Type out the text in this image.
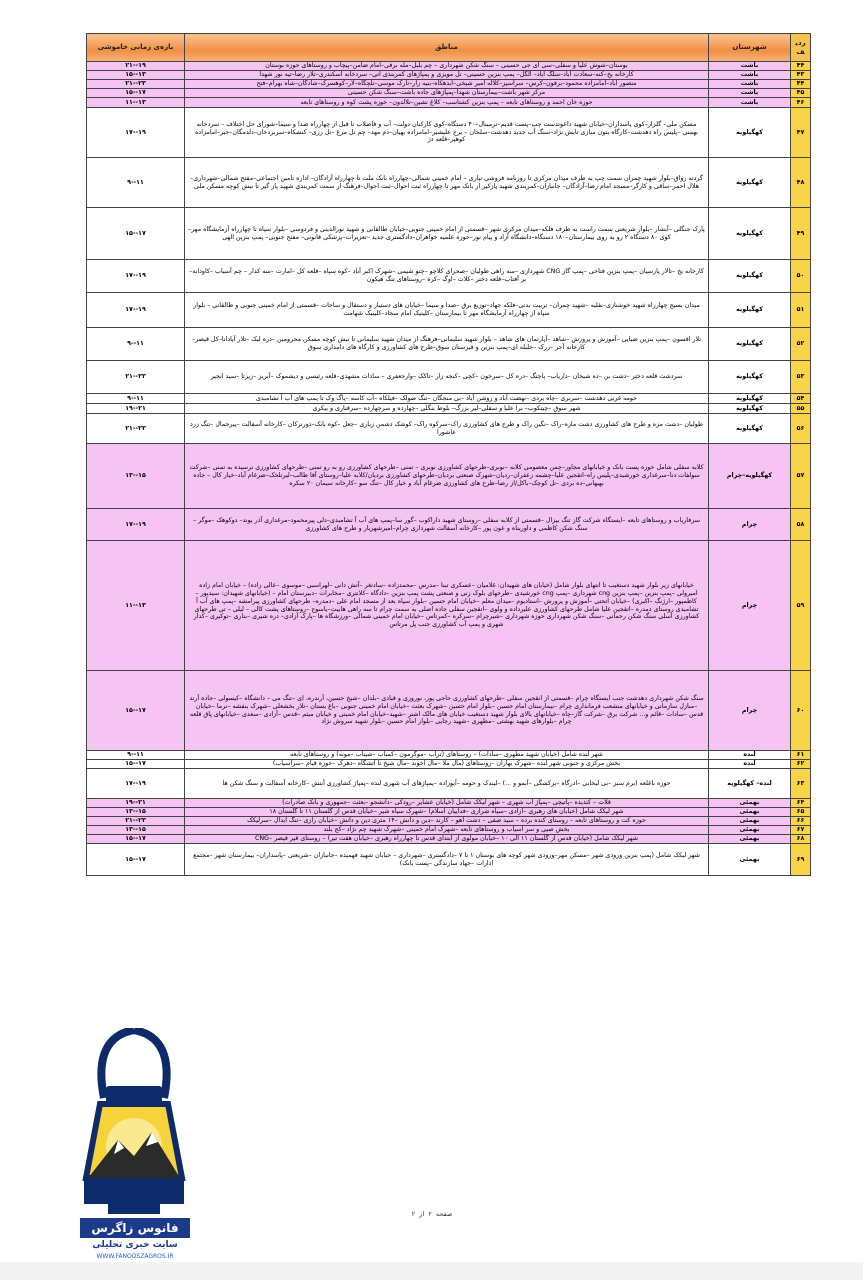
ردیف	شهرستان	مناطق	بازه‌ی زمانی خاموشی
۴۴	باشت	بوستان–شوش علیا و سفلی–سی ای جی حسینی – سنگ شکن شهرداری – چم بلبل–مله برفی–امام ضامن–پیچاب و روستاهای حوزه بوستان	۲۱--۱۹
۴۳	باشت	کارخانه یخ–کنه–سعادت آباد–سلگ آباد– آلگل– پمپ بنزین حسینی– تل مویزی و پمپاژهای کمربندی اتی– سردخانه اسکندری–تلار رضا–تیه نور شهدا	۱۵--۱۳
۴۴	باشت	منصور آباد–امامزاده محمود–برفون–کرس– سرآسپز–کلاله امیر شیخی–آبدهکاه–بنیه زار–تارک موسی–تلچگاه–لار–کوهسرک–شادگان–شاه بهرام–فتح	۲۱--۲۳
۴۵	باشت	مرکز شهر باشت–بیمارستان شهدا–پمپاژهای جاده باشت–سنگ شکن حسینی	۱۵--۱۷
۴۶	باشت	حوزه خان احمد و روستاهای تابعه – پمپ بنزین کشتاسب– کلاغ نشین–تلالدون– حوزه پشت کوه و روستاهای تابعه	۱۱--۱۳
۴۷	کهگیلویه	مسکن ملی– گلزار–کوی پاسداران–خیابان شهید داعوتدست چپ–پست قدیم–ترمینال–۴۰ دستگاه–کوی کارکنان دولت– آب و فاضلاب تا قبل از چهارراه صدا و سیما–شورای حل اختلاف – سردخانه بهمنی –پلیس راه دهدشت–کارگاه بتون سازی تابش نژاد–سنگ آب جدید دهدشت–سلحان – برج علیشیر–امامزاده بهیان–دم مهد– چم تل مرغ –تل زری– کنشکاه–سربردخان–دلدمگان–جیر–امامزاده کوهپر–قلعه دژ	۱۷--۱۹
۴۸	کهگیلویه	گردنه رواق–بلوار شهید چمران سمت چپ به طرف میدان مرکزی تا روزنامه فروشی تیاری – امام خمینی شمالی–چهارراه بانک ملت تا چهارراه آزادگان– اداره تامین اجتماعی–مفتح شمالی–شهرداری–هلال احمر–ساقی و کارگر–مسجد امام رضا–آزادگان– جانبازان–کمربندی شهید پازکیر از بانک مهر تا چهارراه ثبت احوال–ثبت احوال–فرهنگ از سمت کمربندی شهید پاز گیر تا نبش کوچه مسکن ملی	۹--۱۱
۴۹	کهگیلویه	پارک جنگلی –آبشار –بلوار شریعتی سمت راست به طرف فلکه–میدان مرکزی شهر –قسمتی از امام خمینی جنوبی–خیابان طالقانی و شهید نورالدینی و فردوسی –بلوار سپاه تا چهارراه آزمایشگاه مهر–کوی ۸۰ دستگاه ۲ رو به روی بیمارستان–۱۸۰ دستگاه–دانشگاه آزاد و پیام نور–حوزه علمیه خواهران–دادگستری جدید –تعزیرات–پزشکی قانونی– مفتح جنوبی– پمپ بنزین الهی	۱۵--۱۷
۵۰	کهگیلویه	کارخانه یخ –تالار پارسیان –پمپ بنزین فتاحی –پمپ گاز CNG شهرداری –سه راهی طولیان –صحرای کلاچو –چنو شیمی –شهرک اکبر آباد –کوه سپاه –قلعه کل –امارت –سه کدار – چم آسیاب –کاودانه–بر آفتاب–قلعه دختر –کلات –اوگ –کره –روستاهای تنگ هیکون	۱۷--۱۹
۵۱	کهگیلویه	میدان بسیج چهارراه شهید خوشنازی–نقلیه –شهید چمران– تربیت بدنی–فلکه جهاد–توزیع برق –صدا و سیما –خیابان های دستیار و دستقال و ساحات –قسمتی از امام خمینی جنوبی و طالقانی – بلوار سپاه از چهارراه آزمایشگاه مهر تا بیمارستان –کلینیک امام سجاد–کلینیک شهامت	۱۷--۱۹
۵۲	کهگیلویه	تلار افسون –پمپ بنزین ضیایی –آموزش و پرورش –شاهد –آپارتمان های شاهد – بلوار شهید سلیمانی–فرهنگ از میدان شهید سلیمانی تا نبش کوچه مسکن محرومین –دره لیک –تلار آپادانا–کل قیصر–کارخانه آجر –زرک –خلیله ای–پمپ بنزین و قبرستان سوق–طرح های کشاورزی و کارگاه های دامداری سوق	۹--۱۱
۵۳	کهگیلویه	سردشت قلعه دختر –دشت بن –ده شیخان –داریاب– پاچنگ –دره کل –سرخون –کچی –کنجه زار –تاکک –وارجعفری – سادات مشهدی–قلعه رئیسی و دیشموک –آبریز –زیرتا –سید انجیر	۲۱--۲۳
۵۴	کهگیلویه	حومه غربی دهدشت –سربری –چاه بردی –نهضت آباد و روشن آباد –بی منجگان –تنگ صولک –فیلکاه –آب کاسه –یاگ وک تا پمپ های آب آ تشامبدی	۹--۱۱
۵۵	کهگیلویه	شهر سوق –چیتکوب– برا علیا و سفلی–لیر بزرگ– بلوط بنگلی –چهارده و سرچهارده –سرقناری و بیکری	۱۹--۲۱
۵۶	کهگیلویه	طولیان –دشت مزه و طرح های کشاورزی دشت مازه–راک –نگین راک و طرح های کشاورزی راک–سرکوه راک– کوشک دشمن زیاری –جعل –کوه بانک–دورنزکان –کارخانه آسفالت –پیرجمال –تنگ زرد عاشورا	۲۱--۲۳
۵۷	کهگیلویه–چرام	کلابه سفلی شامل حوزه پست بانک و خیابانهای مجاور–چمن معصومی کلابه –نوبری–طرحهای کشاورزی نوبری – تمنی –طرحهای کشاورزی رو به رو تمنی –طرحهای کشاورزی نرسیده به تمنی –شرکت سولفات دنا–سرغداری خورشیدی–پلیس راه–اتقجین علیا–چشمه زعفران–ردیان–شهرک صنعتی بردیان–طرحهای کشاورزی بردیان/کلابه علیا–روستای آقا طالب–لیرتلخک–ضرغام آباد–خیار کال – جاده بهبهانی–ده بردی –تل کوچک–باکل/از رضا–طرح های کشاورزی ضرغام آباد و خیار کال –تنگ سو –کارخانه سیمان ۲۰ سکره	۱۳--۱۵
۵۸	چرام	سرفاریاب و روستاهای تابعه –ایستگاه شرکت گاز تنگ بیزال –قسمتی از کلابه سفلی –روستای شهید داراکوب –گور سا–پمپ های آب آ تشامبدی–دلی پیرمحمود–مرغداری آذر یوند– دوکوهک –موگر –سنگ شکن کاظمی و داوریناه و عون پور –کارخانه آسفالت شهرداری چرام–امیرشهریار و طرح های کشاورزی	۱۷--۱۹
۵۹	چرام	خیابانهای زیر بلوار شهید دستغیب تا انتهای بلوار شامل (خیابان های شهیدان: غلامیان –عسکری تبنا –مدرس –محمدزاده –سادتغر –آتش دانی –لهراسبی –موسوی –عالی زاده) – خیابان امام زاده امیرولی –پمپ بنزین –پمپ بنزین cng شهرداری –پمپ cng خورشیدی –طرحهای بلوک زنی و صنعتی پشت پمپ بنزین –دادگاه –کلانتری –مخابرات –دبیرستان امام – (خیابانهای شهیدان: سیدپور –کاظمپور –ارژنگ –اکبری) –خیابان اتحتی –آموزش و پرورش –استادیوم –میدان معلم –خیابان امام حسین –بلوار سپاه بعد از مسجد امام علی –دمدره– طرحهای کشاورزی پیرامشه –پمپ های آب آ تشامبدی روستای دمدره –اتقجین علیا شامل طرحهای کشاورزی علیرداده و ولوی –اتقجین سفلی جاده اصلی به سمت چرام تا سه راهی هابیت–یاسوج –روستاهای پشت کالی – لیلی – تی طرحهای کشاورزی اسلی سنگ شکن رحمانی –سنگ شکن شهرداری حوزه شهرداری –شیرچرام –سرکره –کمرتاس –خیابان امام خمینی شمالی –ورزشگاه ها –پارک آزادی– دره شیری –بناری –توکیری –کدار شهری و پمپ آب کشاورزی جنب پل مرتاس	۱۱--۱۳
۶۰	چرام	سنگ شکن شهرداری دهدشت جنب ایستگاه چرام –قسمتی از اتقجین سفلی –طرحهای کشاورزی حاجی پور، نوروزی و قبادی –بلدان –شیخ حسین، آرندره، ای –تنگ می – دانشگاه –کیسولی –جاده آرند –منازل سازمانی و خیابانهای منشعب فرمانداری چرام –بیمارستان امام حسین –بلوار امام حسین –شهرک بعثت –خیابان امام خمینی جنوبی –باغ بستان –تلار بخشعلی –شهرک بنفشه –نرما –خیابان قدس –سادات –قائم و... شرکت برق –شرکت گاز–چاه –خیابانهای بالای بلوار شهید دستغیب خیابان های مالک اشتر –شهید–خیابان امام خمینی و خیابان میثم –قدس –آزادی –سعدی –خیابانهای پاق قلعه چرام –بلوارهای شهید بهشتی –مطهری –شهید رجایی –بلوار امام حسین –بلوار شهید سروش نژاد	۱۵--۱۷
۶۱	لنده	شهر لنده شامل (خیابان شهید مطهری –سادات) – روستاهای (تراب –موگرمون –کمباب –شیناب –مونه) و روستاهای تابعه	۹--۱۱
۶۲	لنده	بخش مرکزی و جنوبی شهر لنده –شهرک بهاران –روستاهای (مال ملا –مال آخوند –مال شیخ تا آتشگاه –دهرک –حوزه قیام –سرآسیاب)	۱۵--۱۷
۶۳	لنده– کهگیلویه	حوزه باغلعه (برم سبز –بی لیخانی –ادرگاه –برکشگی –آبمو و ...) –لیندک و حومه –آبوزاده –پمپاژهای آب شهری لنده –پمپاژ کشاورزی آبتش –کارخانه آسفالت و سنگ شکن ها	۱۷--۱۹
۶۴	بهمئی	قلات – کندیده –پاتیچی –پمپاژ آب شهری – شهر لیکک شامل (خیابان عشایر –رودکی –دانشجو –بعثت –جمهوری و بانک صادرات)	۱۹--۲۱
۶۵	بهمئی	شهر لیکک شامل (خیابان های رهبری –آزادی –سیاه شرازی –فداییان اسلام) –شهرک سیاه شیر –خیابان قدس از گلستان ۱۱ تا گلستان ۱۸	۱۳--۱۵
۶۶	بهمئی	حوزه کت و روستاهای تابعه – روستای کنده برده – سید صفی – دشت آهو – کارند –دین و دانش –۱۴ متری دین و دانش –خیابان رازی –تنگ آبدال –سرلیکک	۲۱--۲۳
۶۷	بهمئی	بخش صیی و سر آسیاب و روستاهای تابعه –شهرک امام خمینی –شهرک شهید چم نژاد –کج بلند	۱۳--۱۵
۶۸	بهمئی	شهر لیکک شامل (خیابان قدس از گلستان ۱۱ الی ۱۰ –خیابان مولوی از ابتدای قدس تا چهارراه رهبری –خیابان هفت تیر) – روستای قیر قیصر –CNG	۱۵--۱۷
۶۹	بهمئی	شهر لیکک شامل (پمپ بنزین ورودی شهر –مسکن مهر–ورودی شهر کوچه های بوستان ۱ تا ۷ –دادگستری –شهرداری – خیابان شهید فهمیده –جانبازان –شریعتی –پاسداران– بیمارستان شهر –مجتمع ادارات –جهاد سازندگی –پست بانک)	۱۵--۱۷
صفحه ۲ از ۲
فانوس زاگرس
سایت خبری تحلیلی
WWW.FANOOSZAGROS.IR
